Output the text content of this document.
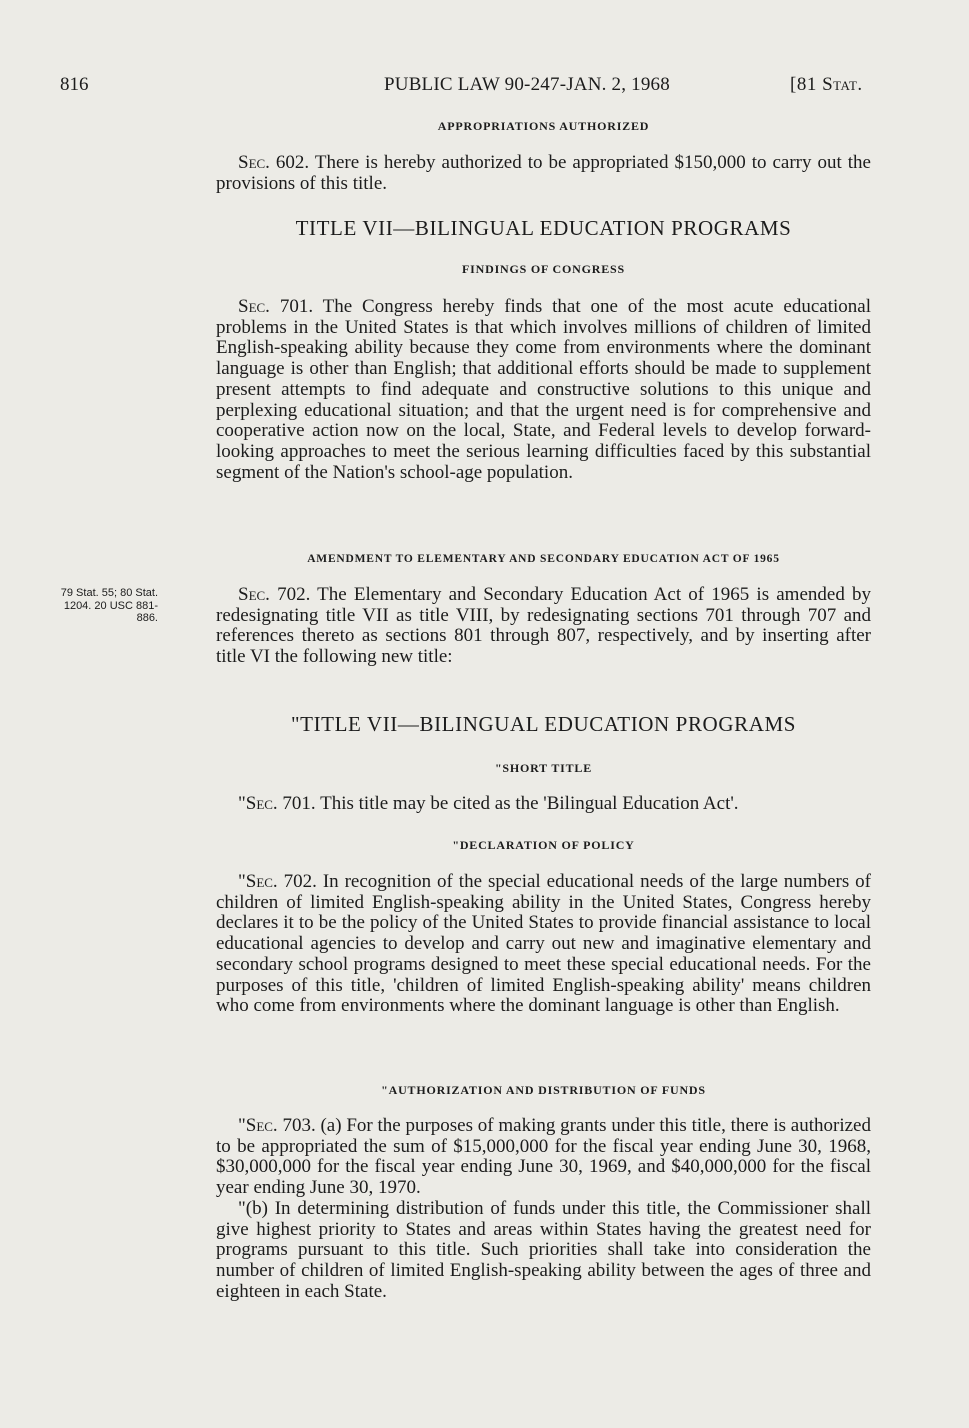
816	PUBLIC LAW 90-247-JAN. 2, 1968	[81 Stat.
APPROPRIATIONS AUTHORIZED
Sec. 602. There is hereby authorized to be appropriated $150,000 to carry out the provisions of this title.
TITLE VII—BILINGUAL EDUCATION PROGRAMS
FINDINGS OF CONGRESS
Sec. 701. The Congress hereby finds that one of the most acute educational problems in the United States is that which involves millions of children of limited English-speaking ability because they come from environments where the dominant language is other than English; that additional efforts should be made to supplement present attempts to find adequate and constructive solutions to this unique and perplexing educational situation; and that the urgent need is for comprehensive and cooperative action now on the local, State, and Federal levels to develop forward-looking approaches to meet the serious learning difficulties faced by this substantial segment of the Nation's school-age population.
AMENDMENT TO ELEMENTARY AND SECONDARY EDUCATION ACT OF 1965
79 Stat. 55; 80 Stat. 1204. 20 USC 881-886.
Sec. 702. The Elementary and Secondary Education Act of 1965 is amended by redesignating title VII as title VIII, by redesignating sections 701 through 707 and references thereto as sections 801 through 807, respectively, and by inserting after title VI the following new title:
"TITLE VII—BILINGUAL EDUCATION PROGRAMS
"SHORT TITLE
"Sec. 701. This title may be cited as the 'Bilingual Education Act'.
"DECLARATION OF POLICY
"Sec. 702. In recognition of the special educational needs of the large numbers of children of limited English-speaking ability in the United States, Congress hereby declares it to be the policy of the United States to provide financial assistance to local educational agencies to develop and carry out new and imaginative elementary and secondary school programs designed to meet these special educational needs. For the purposes of this title, 'children of limited English-speaking ability' means children who come from environments where the dominant language is other than English.
"AUTHORIZATION AND DISTRIBUTION OF FUNDS
"Sec. 703. (a) For the purposes of making grants under this title, there is authorized to be appropriated the sum of $15,000,000 for the fiscal year ending June 30, 1968, $30,000,000 for the fiscal year ending June 30, 1969, and $40,000,000 for the fiscal year ending June 30, 1970.
"(b) In determining distribution of funds under this title, the Commissioner shall give highest priority to States and areas within States having the greatest need for programs pursuant to this title. Such priorities shall take into consideration the number of children of limited English-speaking ability between the ages of three and eighteen in each State.
